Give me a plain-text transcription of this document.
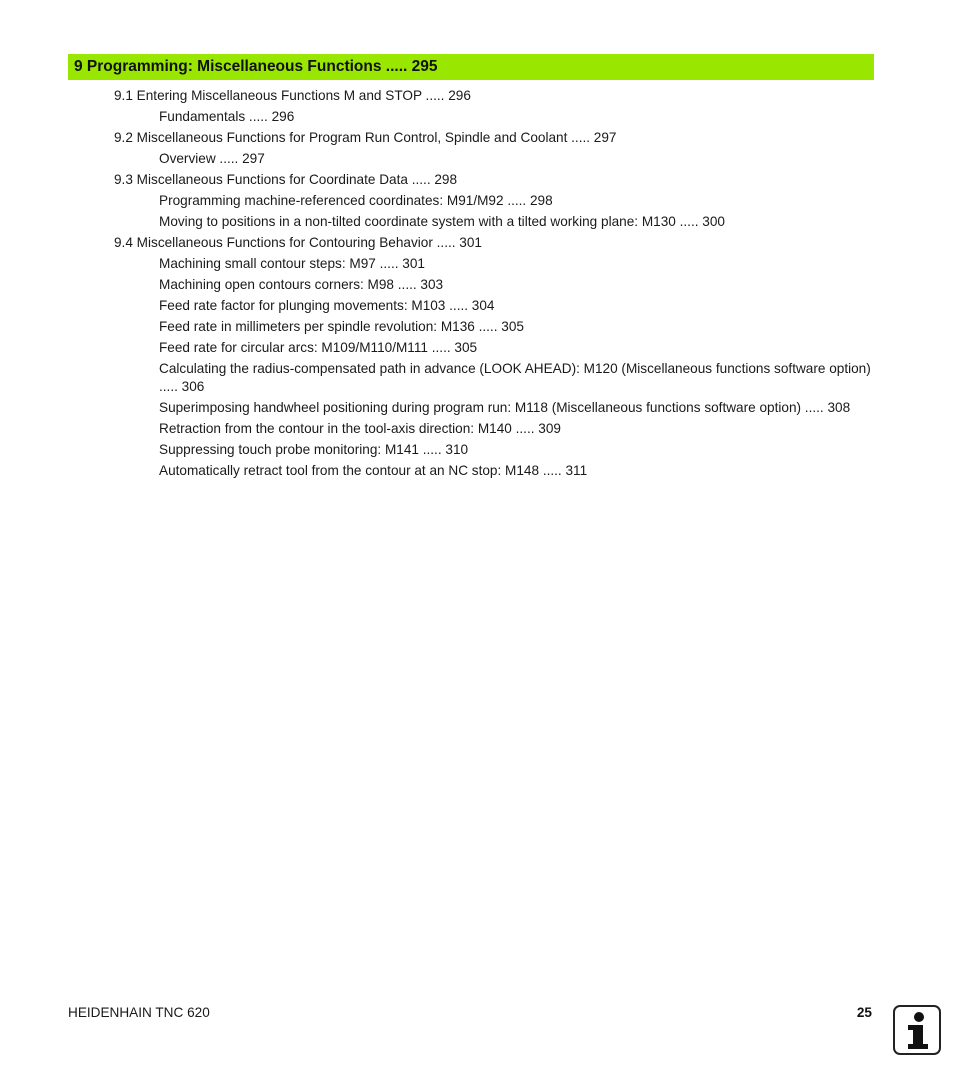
9 Programming: Miscellaneous Functions ..... 295
9.1 Entering Miscellaneous Functions M and STOP ..... 296
Fundamentals ..... 296
9.2 Miscellaneous Functions for Program Run Control, Spindle and Coolant ..... 297
Overview ..... 297
9.3 Miscellaneous Functions for Coordinate Data ..... 298
Programming machine-referenced coordinates: M91/M92 ..... 298
Moving to positions in a non-tilted coordinate system with a tilted working plane: M130 ..... 300
9.4 Miscellaneous Functions for Contouring Behavior ..... 301
Machining small contour steps: M97 ..... 301
Machining open contours corners: M98 ..... 303
Feed rate factor for plunging movements: M103 ..... 304
Feed rate in millimeters per spindle revolution: M136 ..... 305
Feed rate for circular arcs: M109/M110/M111 ..... 305
Calculating the radius-compensated path in advance (LOOK AHEAD): M120 (Miscellaneous functions software option) ..... 306
Superimposing handwheel positioning during program run: M118 (Miscellaneous functions software option) ..... 308
Retraction from the contour in the tool-axis direction: M140 ..... 309
Suppressing touch probe monitoring: M141 ..... 310
Automatically retract tool from the contour at an NC stop: M148 ..... 311
HEIDENHAIN TNC 620	25
